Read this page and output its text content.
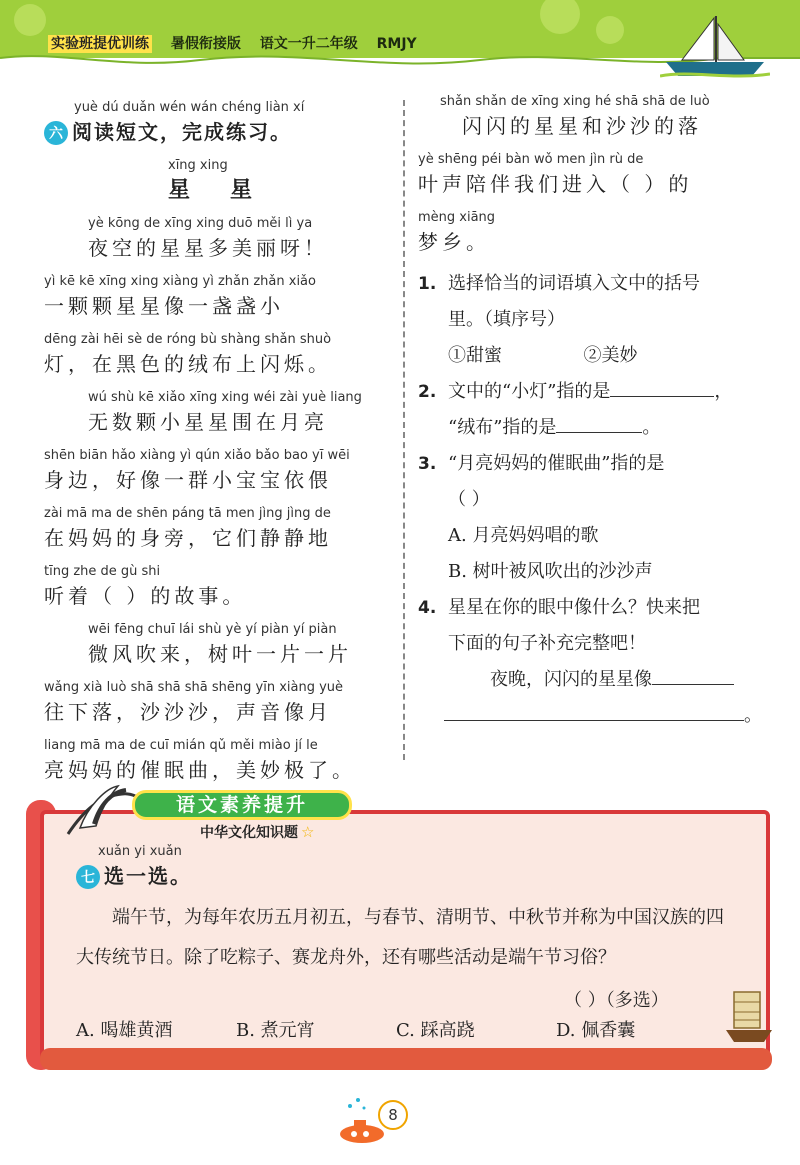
实验班提优训练 暑假衔接版 语文一升二年级 RMJY
yuè dú duǎn wén wán chéng liàn xí
六 阅读短文，完成练习。
xīng xing
星星
yè kōng de xīng xing duō měi lì ya
夜空的星星多美丽呀！
yì kē kē xīng xing xiàng yì zhǎn zhǎn xiǎo
一颗颗星星像一盏盏小
dēng zài hēi sè de róng bù shàng shǎn shuò
灯，在黑色的绒布上闪烁。
wú shù kē xiǎo xīng xing wéi zài yuè liang
无数颗小星星围在月亮
shēn biān hǎo xiàng yì qún xiǎo bǎo bao yī wēi
身边，好像一群小宝宝依偎
zài mā ma de shēn páng tā men jìng jìng de
在妈妈的身旁，它们静静地
tīng zhe de gù shi
听着（ ）的故事。
wēi fēng chuī lái shù yè yí piàn yí piàn
微风吹来，树叶一片一片
wǎng xià luò shā shā shā shēng yīn xiàng yuè
往下落，沙沙沙，声音像月
liang mā ma de cuī mián qǔ měi miào jí le
亮妈妈的催眠曲，美妙极了。
shǎn shǎn de xīng xing hé shā shā de luò
闪闪的星星和沙沙的落
yè shēng péi bàn wǒ men jìn rù de
叶声陪伴我们进入（ ）的
mèng xiāng
梦乡。
1. 选择恰当的词语填入文中的括号
里。（填序号）
①甜蜜	②美妙
2. 文中的“小灯”指的是	，
“绒布”指的是	。
3. “月亮妈妈的催眠曲”指的是
（ ）
A. 月亮妈妈唱的歌
B. 树叶被风吹出的沙沙声
4. 星星在你的眼中像什么？快来把
下面的句子补充完整吧！
夜晚，闪闪的星星像
。
语文素养提升
中华文化知识题 ☆
xuǎn yi xuǎn
七 选一选。
端午节，为每年农历五月初五，与春节、清明节、中秋节并称为中国汉族的四大传统节日。除了吃粽子、赛龙舟外，还有哪些活动是端午节习俗？
（ ）（多选）
A. 喝雄黄酒	B. 煮元宵	C. 踩高跷	D. 佩香囊
8
